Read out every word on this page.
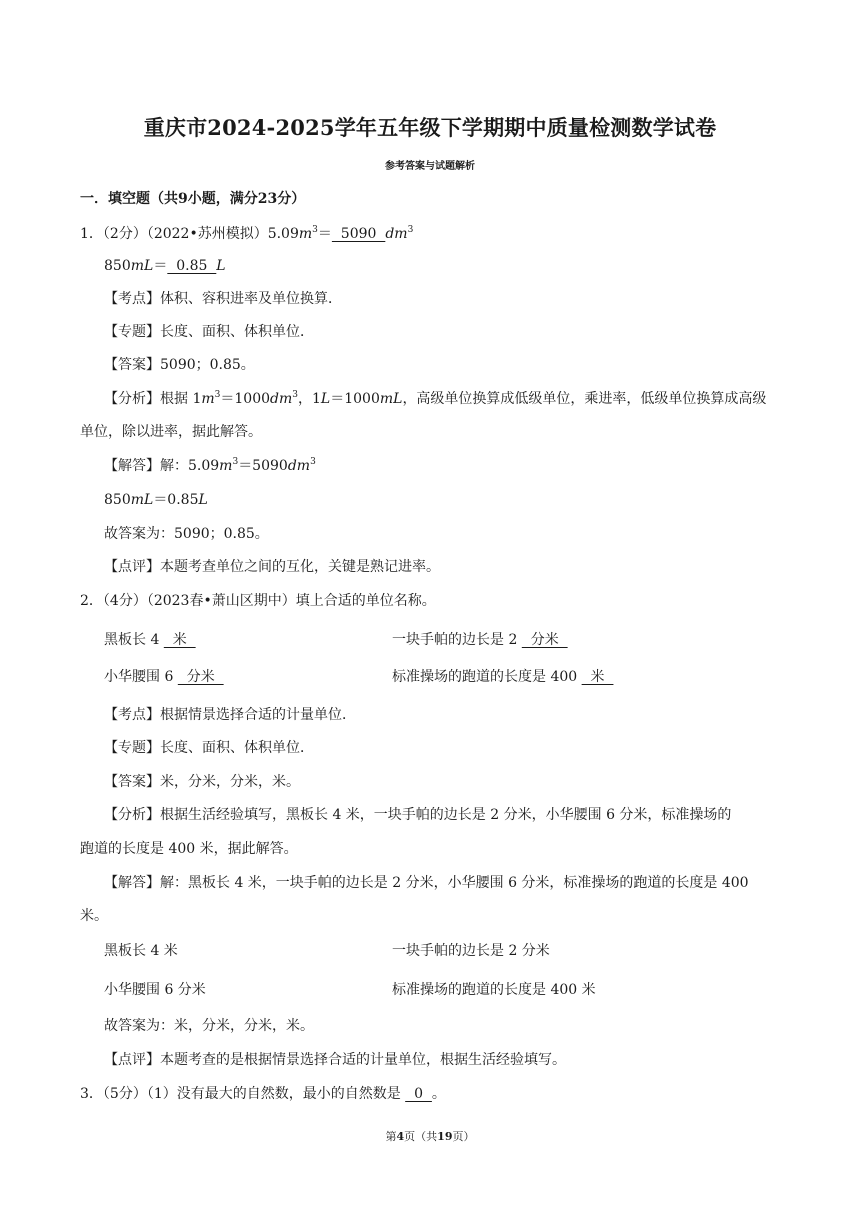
重庆市2024-2025学年五年级下学期期中质量检测数学试卷
参考答案与试题解析
一．填空题（共9小题，满分23分）
1．（2分）（2022•苏州模拟）$5.09m^3= 5090$  $dm^3$
850mL＝  0.85  L
【考点】体积、容积进率及单位换算．
【专题】长度、面积、体积单位．
【答案】5090；0.85。
【分析】根据 $1m^3=1000dm^3$，1L＝1000mL，高级单位换算成低级单位，乘进率，低级单位换算成高级
单位，除以进率，据此解答。
【解答】解：$5.09m^3=5090dm^3$
850mL＝0.85L
故答案为：5090；0.85。
【点评】本题考查单位之间的互化，关键是熟记进率。
2．（4分）（2023春•萧山区期中）填上合适的单位名称。
黑板长 4   米	一块手帕的边长是 2   分米
小华腰围 6   分米	标准操场的跑道的长度是 400   米
【考点】根据情景选择合适的计量单位．
【专题】长度、面积、体积单位．
【答案】米，分米，分米，米。
【分析】根据生活经验填写，黑板长 4 米，一块手帕的边长是 2 分米，小华腰围 6 分米，标准操场的
跑道的长度是 400 米，据此解答。
【解答】解：黑板长 4 米，一块手帕的边长是 2 分米，小华腰围 6 分米，标准操场的跑道的长度是 400
米。
黑板长 4 米	一块手帕的边长是 2 分米
小华腰围 6 分米	标准操场的跑道的长度是 400 米
故答案为：米，分米，分米，米。
【点评】本题考查的是根据情景选择合适的计量单位，根据生活经验填写。
3．（5分）（1）没有最大的自然数，最小的自然数是   0  。
第4页（共19页）
